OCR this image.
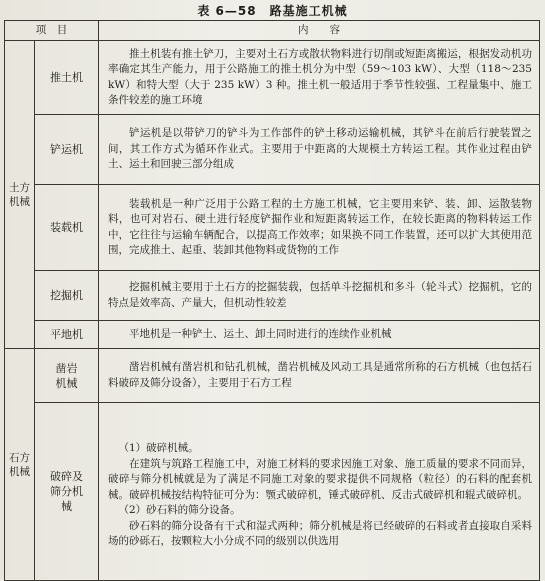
表 6—58　路基施工机械
项　目		内　　容
土方机械	推土机	推土机装有推土铲刀，主要对土石方或散状物料进行切削或短距离搬运，根据发动机功率确定其生产能力，用于公路施工的推土机分为中型（59～103 kW）、大型（118～235 kW）和特大型（大于 235 kW）3 种。推土机一般适用于季节性较强、工程量集中、施工条件较差的施工环境

	铲运机	铲运机是以带铲刀的铲斗为工作部件的铲土移动运输机械，其铲斗在前后行驶装置之间，其工作方式为循环作业式。主要用于中距离的大规模土方转运工程。其作业过程由铲土、运土和回驶三部分组成

	装载机	装载机是一种广泛用于公路工程的土方施工机械，它主要用来铲、装、卸、运散装物料，也可对岩石、硬土进行轻度铲掘作业和短距离转运工作，在较长距离的物料转运工作中，它往往与运输车辆配合，以提高工作效率；如果换不同工作装置，还可以扩大其使用范围，完成推土、起重、装卸其他物料或货物的工作

	挖掘机	挖掘机械主要用于土石方的挖掘装载，包括单斗挖掘机和多斗（轮斗式）挖掘机，它的特点是效率高、产量大，但机动性较差

	平地机	平地机是一种铲土、运土、卸土同时进行的连续作业机械

石方机械	凿岩机械	凿岩机械有凿岩机和钻孔机械，凿岩机械及风动工具是通常所称的石方机械（也包括石料破碎及筛分设备），主要用于石方工程

	破碎及筛分机械	（1）破碎机械。

在建筑与筑路工程施工中，对施工材料的要求因施工对象、施工质量的要求不同而异，破碎与筛分机械就是为了满足不同施工对象的要求提供不同规格（粒径）的石料的配套机械。破碎机械按结构特征可分为：颚式破碎机，锤式破碎机、反击式破碎机和辊式破碎机。

（2）砂石料的筛分设备。

砂石料的筛分设备有干式和湿式两种；筛分机械是将已经破碎的石料或者直接取自采料场的砂砾石，按颗粒大小分成不同的级别以供选用
